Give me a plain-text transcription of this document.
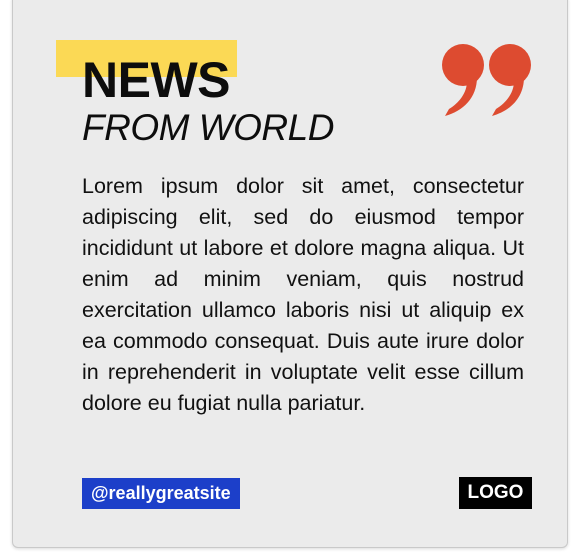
NEWS
FROM WORLD

Lorem ipsum dolor sit amet, consectetur adipiscing elit, sed do eiusmod tempor incididunt ut labore et dolore magna aliqua. Ut enim ad minim veniam, quis nostrud exercitation ullamco laboris nisi ut aliquip ex ea commodo consequat. Duis aute irure dolor in reprehenderit in voluptate velit esse cillum dolore eu fugiat nulla pariatur.

@reallygreatsite	LOGO
